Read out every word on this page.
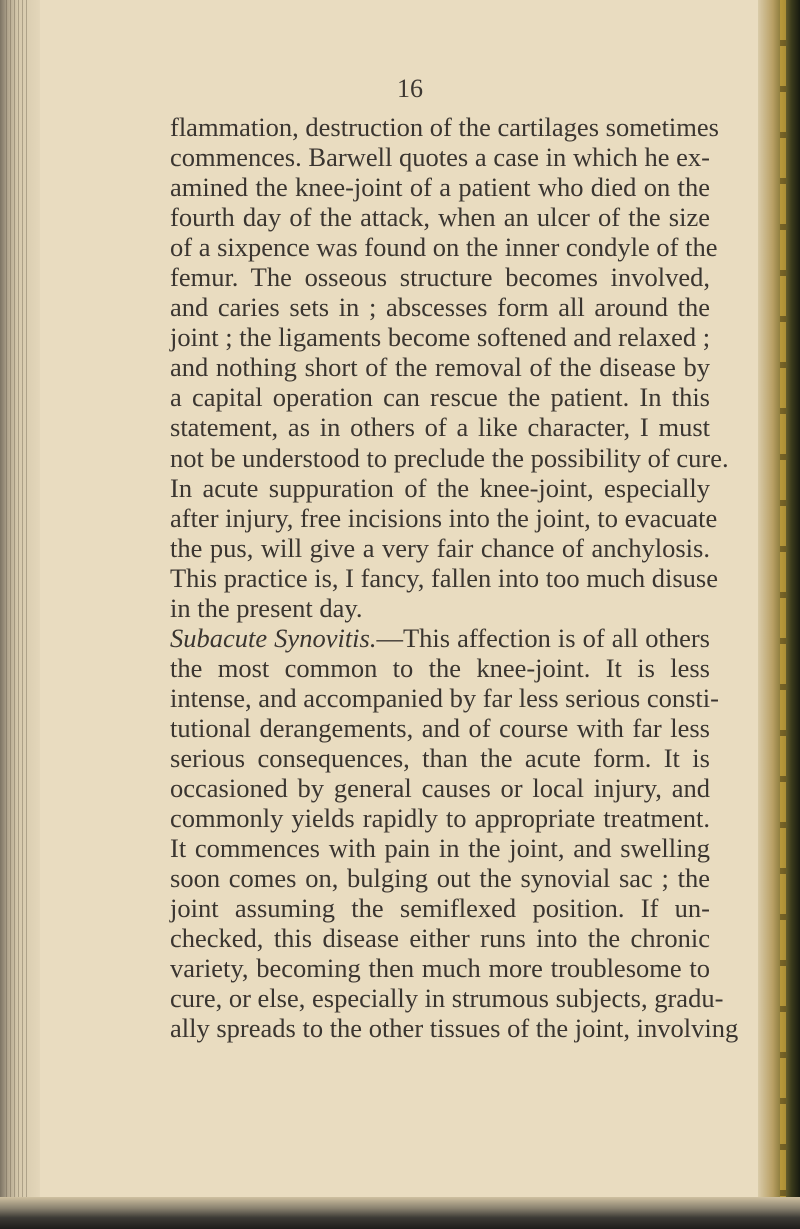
16

flammation, destruction of the cartilages sometimes
commences. Barwell quotes a case in which he ex-
amined the knee-joint of a patient who died on the
fourth day of the attack, when an ulcer of the size
of a sixpence was found on the inner condyle of the
femur. The osseous structure becomes involved,
and caries sets in ; abscesses form all around the
joint ; the ligaments become softened and relaxed ;
and nothing short of the removal of the disease by
a capital operation can rescue the patient. In this
statement, as in others of a like character, I must
not be understood to preclude the possibility of cure.
In acute suppuration of the knee-joint, especially
after injury, free incisions into the joint, to evacuate
the pus, will give a very fair chance of anchylosis.
This practice is, I fancy, fallen into too much disuse
in the present day.
Subacute Synovitis.—This affection is of all others
the most common to the knee-joint. It is less
intense, and accompanied by far less serious consti-
tutional derangements, and of course with far less
serious consequences, than the acute form. It is
occasioned by general causes or local injury, and
commonly yields rapidly to appropriate treatment.
It commences with pain in the joint, and swelling
soon comes on, bulging out the synovial sac ; the
joint assuming the semiflexed position. If un-
checked, this disease either runs into the chronic
variety, becoming then much more troublesome to
cure, or else, especially in strumous subjects, gradu-
ally spreads to the other tissues of the joint, involving
